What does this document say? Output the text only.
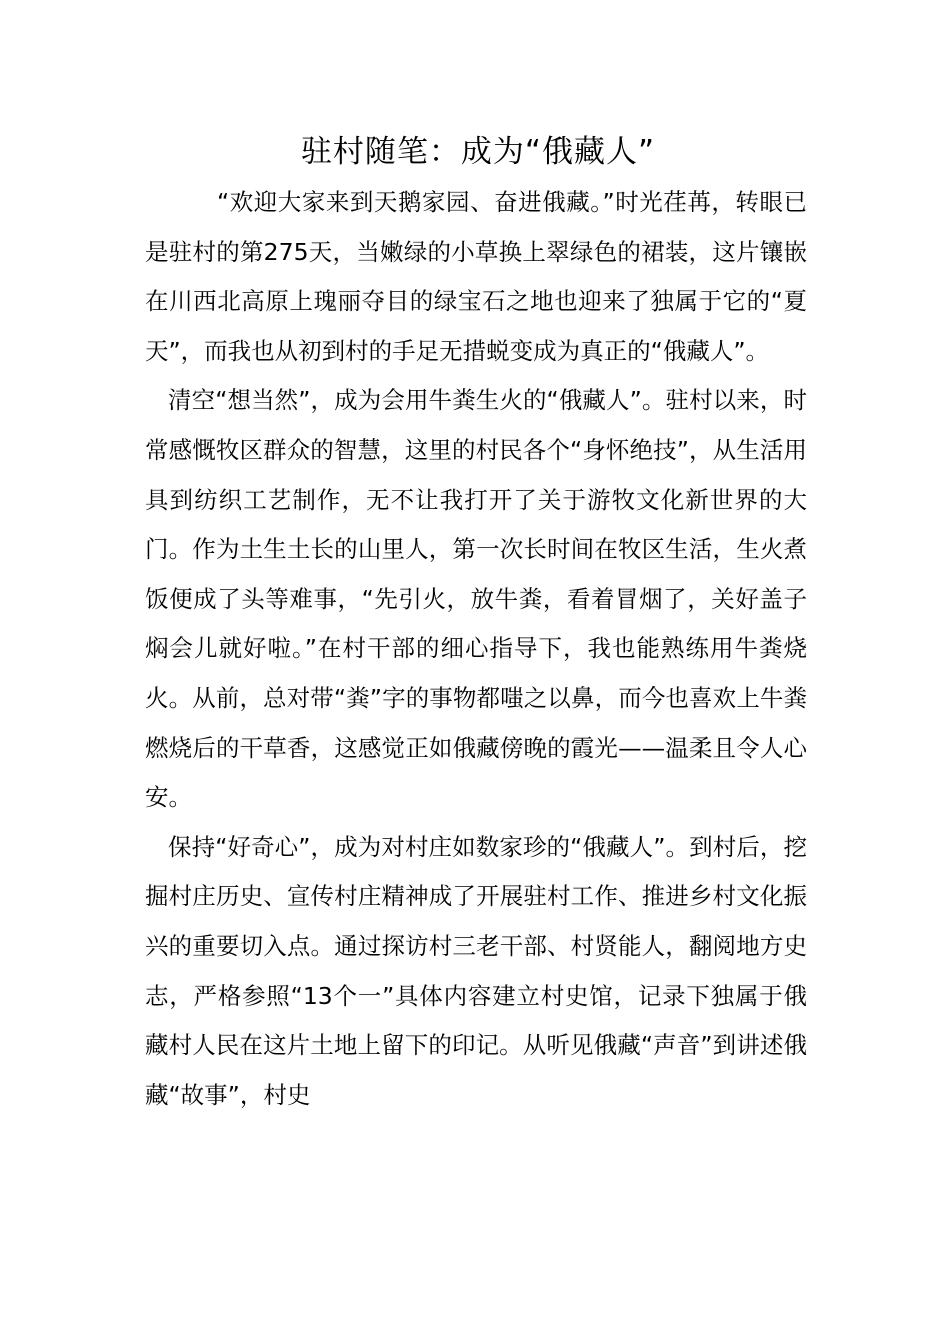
驻村随笔：成为“俄藏人”

“欢迎大家来到天鹅家园、奋进俄藏。”时光荏苒，转眼已是驻村的第275天，当嫩绿的小草换上翠绿色的裙装，这片镶嵌在川西北高原上瑰丽夺目的绿宝石之地也迎来了独属于它的“夏天”，而我也从初到村的手足无措蜕变成为真正的“俄藏人”。

清空“想当然”，成为会用牛粪生火的“俄藏人”。驻村以来，时常感慨牧区群众的智慧，这里的村民各个“身怀绝技”，从生活用具到纺织工艺制作，无不让我打开了关于游牧文化新世界的大门。作为土生土长的山里人，第一次长时间在牧区生活，生火煮饭便成了头等难事，“先引火，放牛粪，看着冒烟了，关好盖子焖会儿就好啦。”在村干部的细心指导下，我也能熟练用牛粪烧火。从前，总对带“粪”字的事物都嗤之以鼻，而今也喜欢上牛粪燃烧后的干草香，这感觉正如俄藏傍晚的霞光——温柔且令人心安。

保持“好奇心”，成为对村庄如数家珍的“俄藏人”。到村后，挖掘村庄历史、宣传村庄精神成了开展驻村工作、推进乡村文化振兴的重要切入点。通过探访村三老干部、村贤能人，翻阅地方史志，严格参照“13个一”具体内容建立村史馆，记录下独属于俄藏村人民在这片土地上留下的印记。从听见俄藏“声音”到讲述俄藏“故事”，村史
